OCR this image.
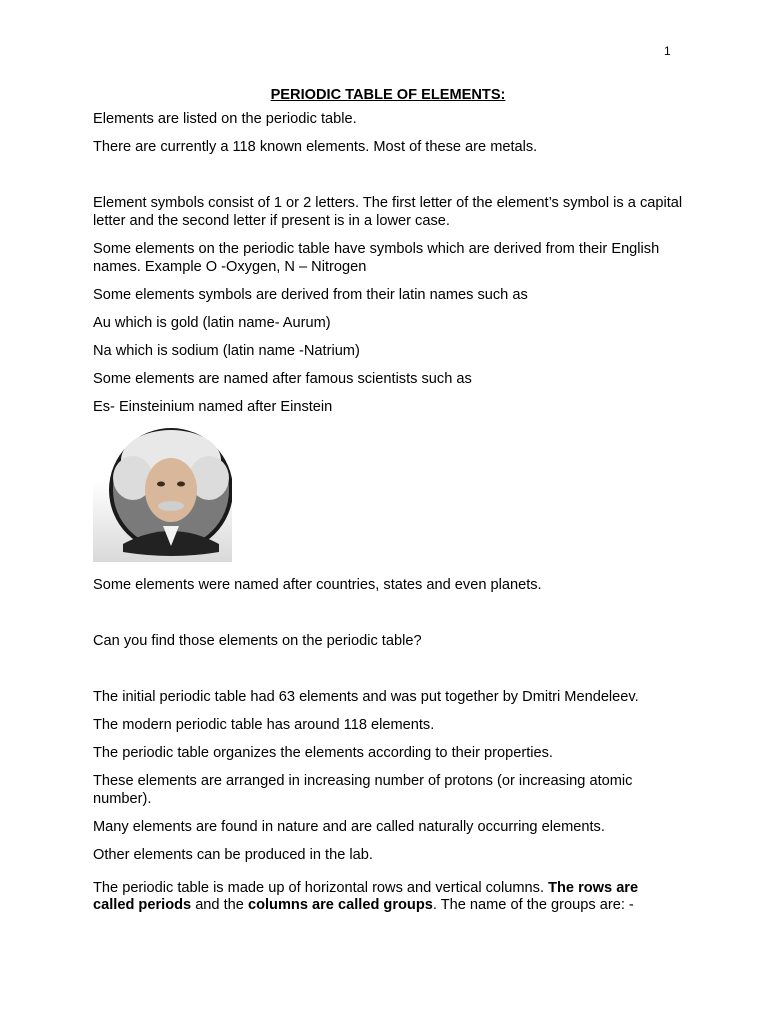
1
PERIODIC TABLE OF ELEMENTS:

Elements are listed on the periodic table.

There are currently a 118 known elements. Most of these are metals.

Element symbols consist of 1 or 2 letters. The first letter of the element’s symbol is a capital letter and the second letter if present is in a lower case.

Some elements on the periodic table have symbols which are derived from their English names. Example O -Oxygen, N – Nitrogen

Some elements symbols are derived from their latin names such as

Au which is gold (latin name- Aurum)

Na which is sodium (latin name -Natrium)

Some elements are named after famous scientists such as

Es- Einsteinium named after Einstein

Some elements were named after countries, states and even planets.

Can you find those elements on the periodic table?

The initial periodic table had 63 elements and was put together by Dmitri Mendeleev.

The modern periodic table has around 118 elements.

The periodic table organizes the elements according to their properties.

These elements are arranged in increasing number of protons (or increasing atomic number).

Many elements are found in nature and are called naturally occurring elements.

Other elements can be produced in the lab.

The periodic table is made up of horizontal rows and vertical columns. The rows are called periods and the columns are called groups. The name of the groups are: -
